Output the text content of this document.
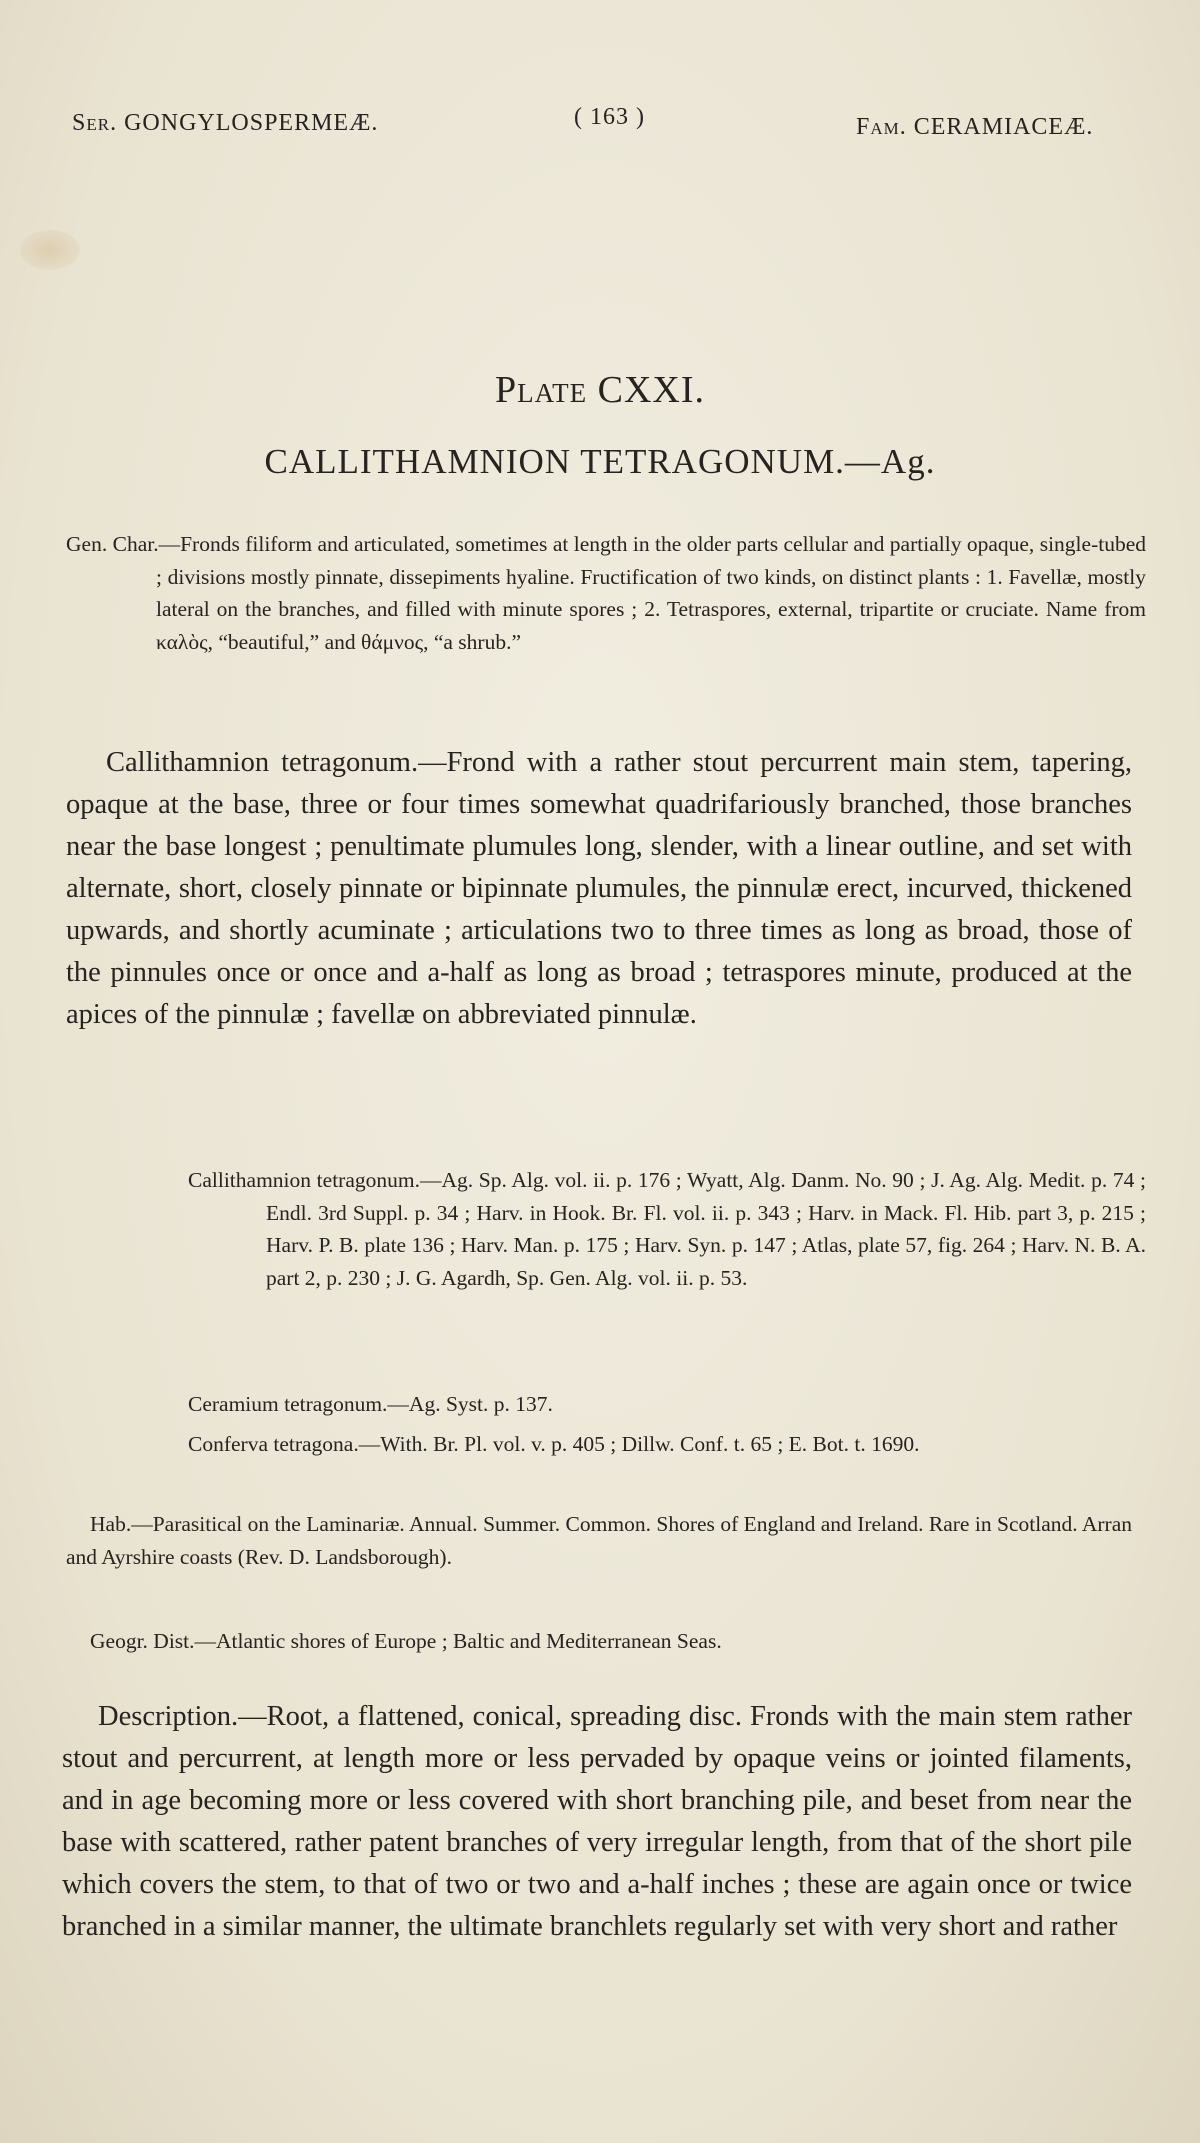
Ser. GONGYLOSPERMEÆ.	( 163 )	Fam. CERAMIACEÆ.
Plate CXXI.
CALLITHAMNION TETRAGONUM.—Ag.

Gen. Char.—Fronds filiform and articulated, sometimes at length in the older parts cellular and partially opaque, single-tubed ; divisions mostly pinnate, dissepiments hyaline. Fructification of two kinds, on distinct plants : 1. Favellæ, mostly lateral on the branches, and filled with minute spores ; 2. Tetraspores, external, tripartite or cruciate. Name from καλὸς, “beautiful,” and θάμνος, “a shrub.”

Callithamnion tetragonum.—Frond with a rather stout percurrent main stem, tapering, opaque at the base, three or four times somewhat quadrifariously branched, those branches near the base longest ; penultimate plumules long, slender, with a linear outline, and set with alternate, short, closely pinnate or bipinnate plumules, the pinnulæ erect, incurved, thickened upwards, and shortly acuminate ; articulations two to three times as long as broad, those of the pinnules once or once and a-half as long as broad ; tetraspores minute, produced at the apices of the pinnulæ ; favellæ on abbreviated pinnulæ.

Callithamnion tetragonum.—Ag. Sp. Alg. vol. ii. p. 176 ; Wyatt, Alg. Danm. No. 90 ; J. Ag. Alg. Medit. p. 74 ; Endl. 3rd Suppl. p. 34 ; Harv. in Hook. Br. Fl. vol. ii. p. 343 ; Harv. in Mack. Fl. Hib. part 3, p. 215 ; Harv. P. B. plate 136 ; Harv. Man. p. 175 ; Harv. Syn. p. 147 ; Atlas, plate 57, fig. 264 ; Harv. N. B. A. part 2, p. 230 ; J. G. Agardh, Sp. Gen. Alg. vol. ii. p. 53.

Ceramium tetragonum.—Ag. Syst. p. 137.

Conferva tetragona.—With. Br. Pl. vol. v. p. 405 ; Dillw. Conf. t. 65 ; E. Bot. t. 1690.

Hab.—Parasitical on the Laminariæ. Annual. Summer. Common. Shores of England and Ireland. Rare in Scotland. Arran and Ayrshire coasts (Rev. D. Landsborough).
Geogr. Dist.—Atlantic shores of Europe ; Baltic and Mediterranean Seas.
Description.—Root, a flattened, conical, spreading disc. Fronds with the main stem rather stout and percurrent, at length more or less pervaded by opaque veins or jointed filaments, and in age becoming more or less covered with short branching pile, and beset from near the base with scattered, rather patent branches of very irregular length, from that of the short pile which covers the stem, to that of two or two and a-half inches ; these are again once or twice branched in a similar manner, the ultimate branchlets regularly set with very short and rather
